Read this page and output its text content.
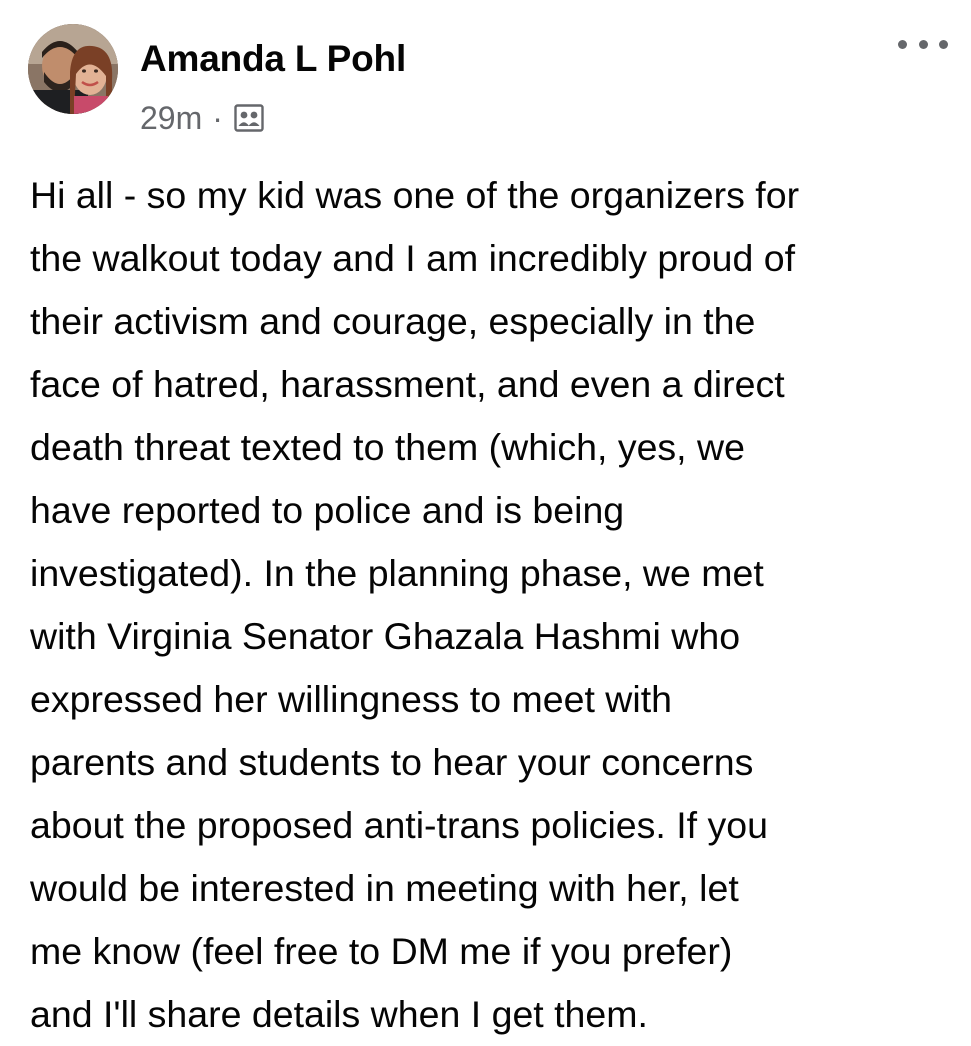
Amanda L Pohl
29m ·

Hi all - so my kid was one of the organizers for
the walkout today and I am incredibly proud of
their activism and courage, especially in the
face of hatred, harassment, and even a direct
death threat texted to them (which, yes, we
have reported to police and is being
investigated). In the planning phase, we met
with Virginia Senator Ghazala Hashmi who
expressed her willingness to meet with
parents and students to hear your concerns
about the proposed anti-trans policies. If you
would be interested in meeting with her, let
me know (feel free to DM me if you prefer)
and I'll share details when I get them.
